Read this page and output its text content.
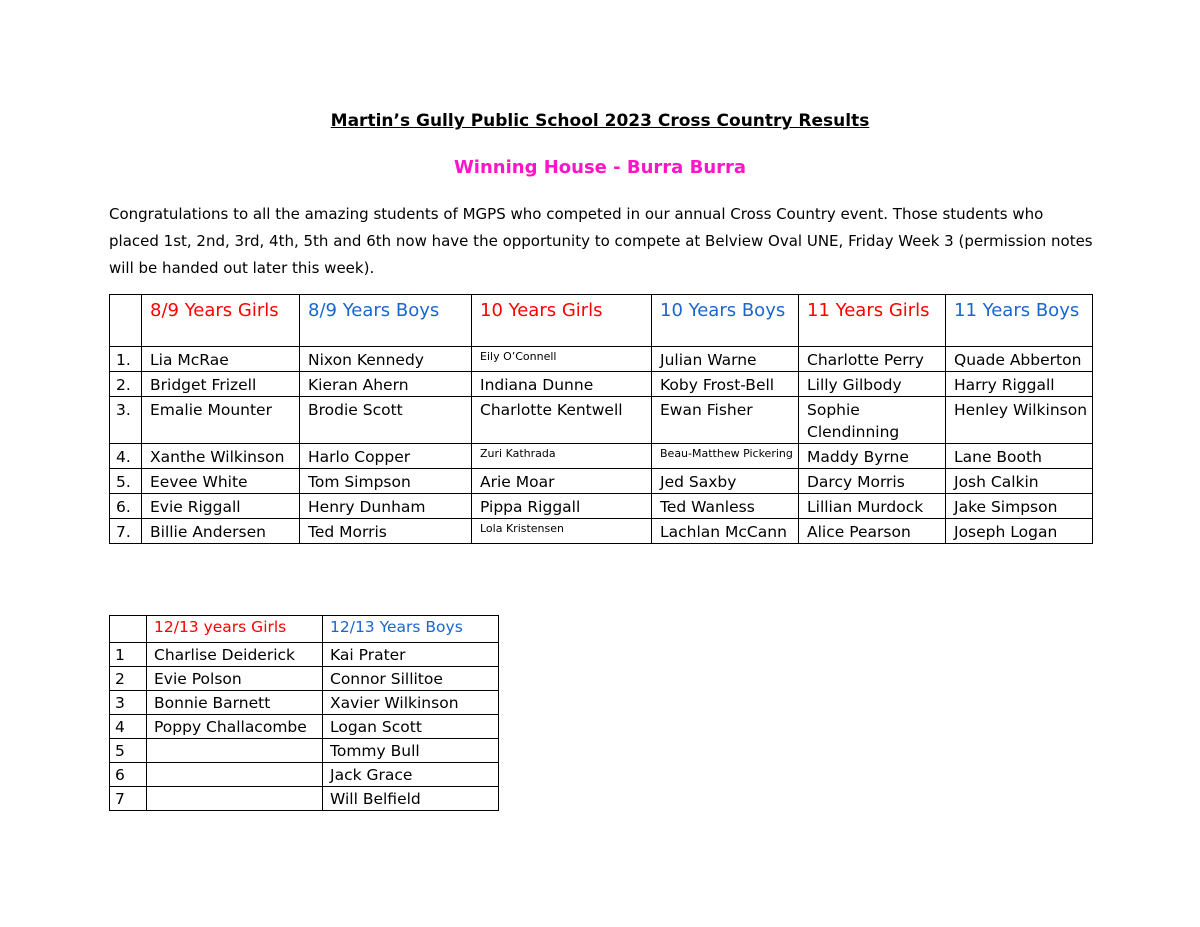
Martin’s Gully Public School 2023 Cross Country Results
Winning House - Burra Burra
Congratulations to all the amazing students of MGPS who competed in our annual Cross Country event. Those students who placed 1st, 2nd, 3rd, 4th, 5th and 6th now have the opportunity to compete at Belview Oval UNE, Friday Week 3 (permission notes will be handed out later this week).
	8/9 Years Girls	8/9 Years Boys	10 Years Girls	10 Years Boys	11 Years Girls	11 Years Boys
1.	Lia McRae	Nixon Kennedy	Eily O’Connell	Julian Warne	Charlotte Perry	Quade Abberton
2.	Bridget Frizell	Kieran Ahern	Indiana Dunne	Koby Frost-Bell	Lilly Gilbody	Harry Riggall
3.	Emalie Mounter	Brodie Scott	Charlotte Kentwell	Ewan Fisher	Sophie Clendinning	Henley Wilkinson
4.	Xanthe Wilkinson	Harlo Copper	Zuri Kathrada	Beau-Matthew Pickering	Maddy Byrne	Lane Booth
5.	Eevee White	Tom Simpson	Arie Moar	Jed Saxby	Darcy Morris	Josh Calkin
6.	Evie Riggall	Henry Dunham	Pippa Riggall	Ted Wanless	Lillian Murdock	Jake Simpson
7.	Billie Andersen	Ted Morris	Lola Kristensen	Lachlan McCann	Alice Pearson	Joseph Logan
	12/13 years Girls	12/13 Years Boys
1	Charlise Deiderick	Kai Prater
2	Evie Polson	Connor Sillitoe
3	Bonnie Barnett	Xavier Wilkinson
4	Poppy Challacombe	Logan Scott
5		Tommy Bull
6		Jack Grace
7		Will Belfield
